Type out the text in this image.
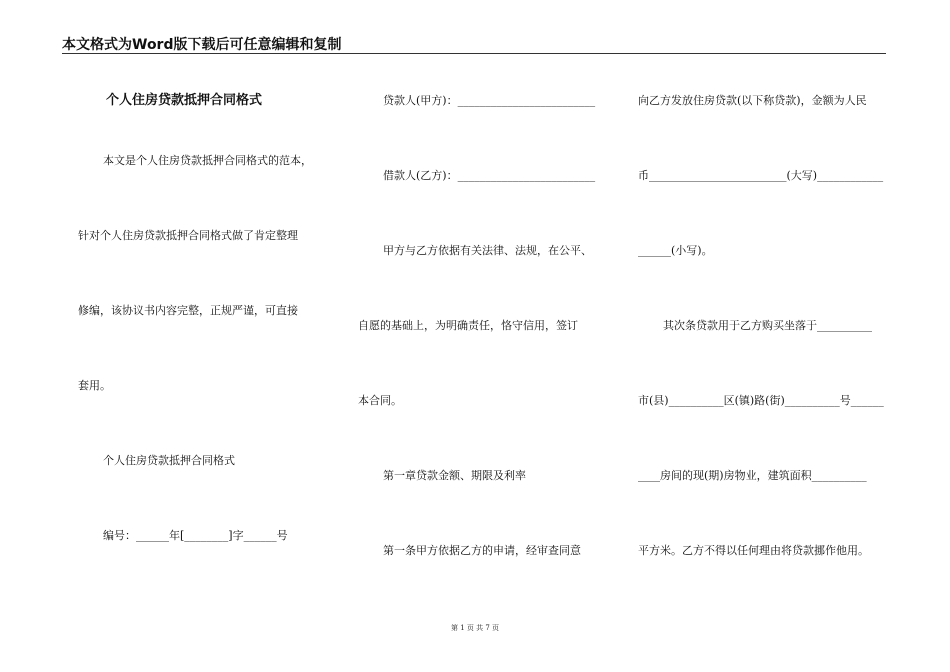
本文格式为Word版下载后可任意编辑和复制
个人住房贷款抵押合同格式
本文是个人住房贷款抵押合同格式的范本，
针对个人住房贷款抵押合同格式做了肯定整理
修编，该协议书内容完整，正规严谨，可直接
套用。
个人住房贷款抵押合同格式
编号：______年[________]字______号
贷款人(甲方)：_________________________
借款人(乙方)：_________________________
甲方与乙方依据有关法律、法规，在公平、
自愿的基础上，为明确责任，恪守信用，签订
本合同。
第一章贷款金额、期限及利率
第一条甲方依据乙方的申请，经审查同意
向乙方发放住房贷款(以下称贷款)，金额为人民
币_________________________(大写)____________
______(小写)。
其次条贷款用于乙方购买坐落于__________
市(县)__________区(镇)路(街)__________号______
____房间的现(期)房物业，建筑面积__________
平方米。乙方不得以任何理由将贷款挪作他用。
第 1 页 共 7 页
